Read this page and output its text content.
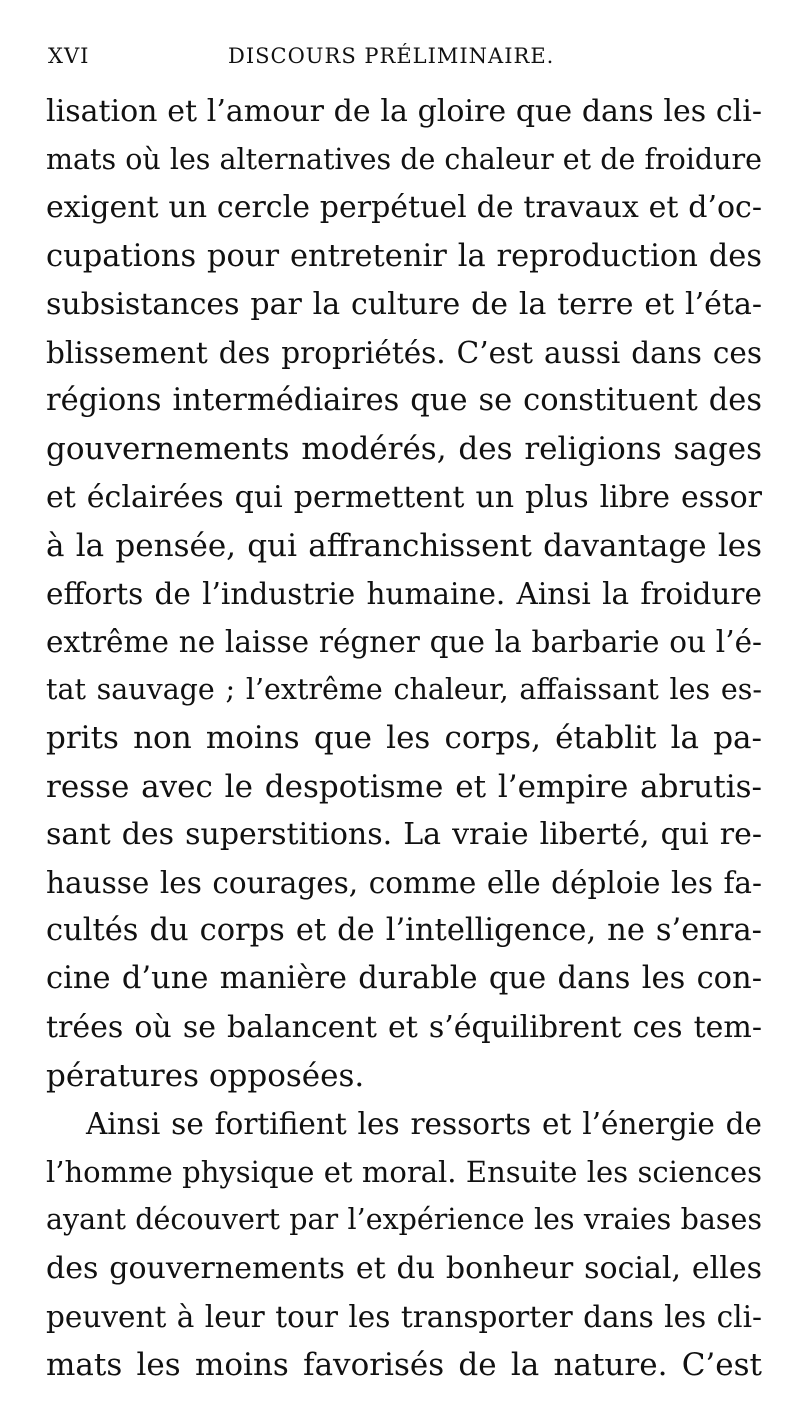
XVI	DISCOURS PRÉLIMINAIRE.
lisation et l’amour de la gloire que dans les cli-
mats où les alternatives de chaleur et de froidure
exigent un cercle perpétuel de travaux et d’oc-
cupations pour entretenir la reproduction des
subsistances par la culture de la terre et l’éta-
blissement des propriétés. C’est aussi dans ces
régions intermédiaires que se constituent des
gouvernements modérés, des religions sages
et éclairées qui permettent un plus libre essor
à la pensée, qui affranchissent davantage les
efforts de l’industrie humaine. Ainsi la froidure
extrême ne laisse régner que la barbarie ou l’é-
tat sauvage ; l’extrême chaleur, affaissant les es-
prits non moins que les corps, établit la pa-
resse avec le despotisme et l’empire abrutis-
sant des superstitions. La vraie liberté, qui re-
hausse les courages, comme elle déploie les fa-
cultés du corps et de l’intelligence, ne s’enra-
cine d’une manière durable que dans les con-
trées où se balancent et s’équilibrent ces tem-
pératures opposées.
Ainsi se fortifient les ressorts et l’énergie de
l’homme physique et moral. Ensuite les sciences
ayant découvert par l’expérience les vraies bases
des gouvernements et du bonheur social, elles
peuvent à leur tour les transporter dans les cli-
mats les moins favorisés de la nature. C’est
